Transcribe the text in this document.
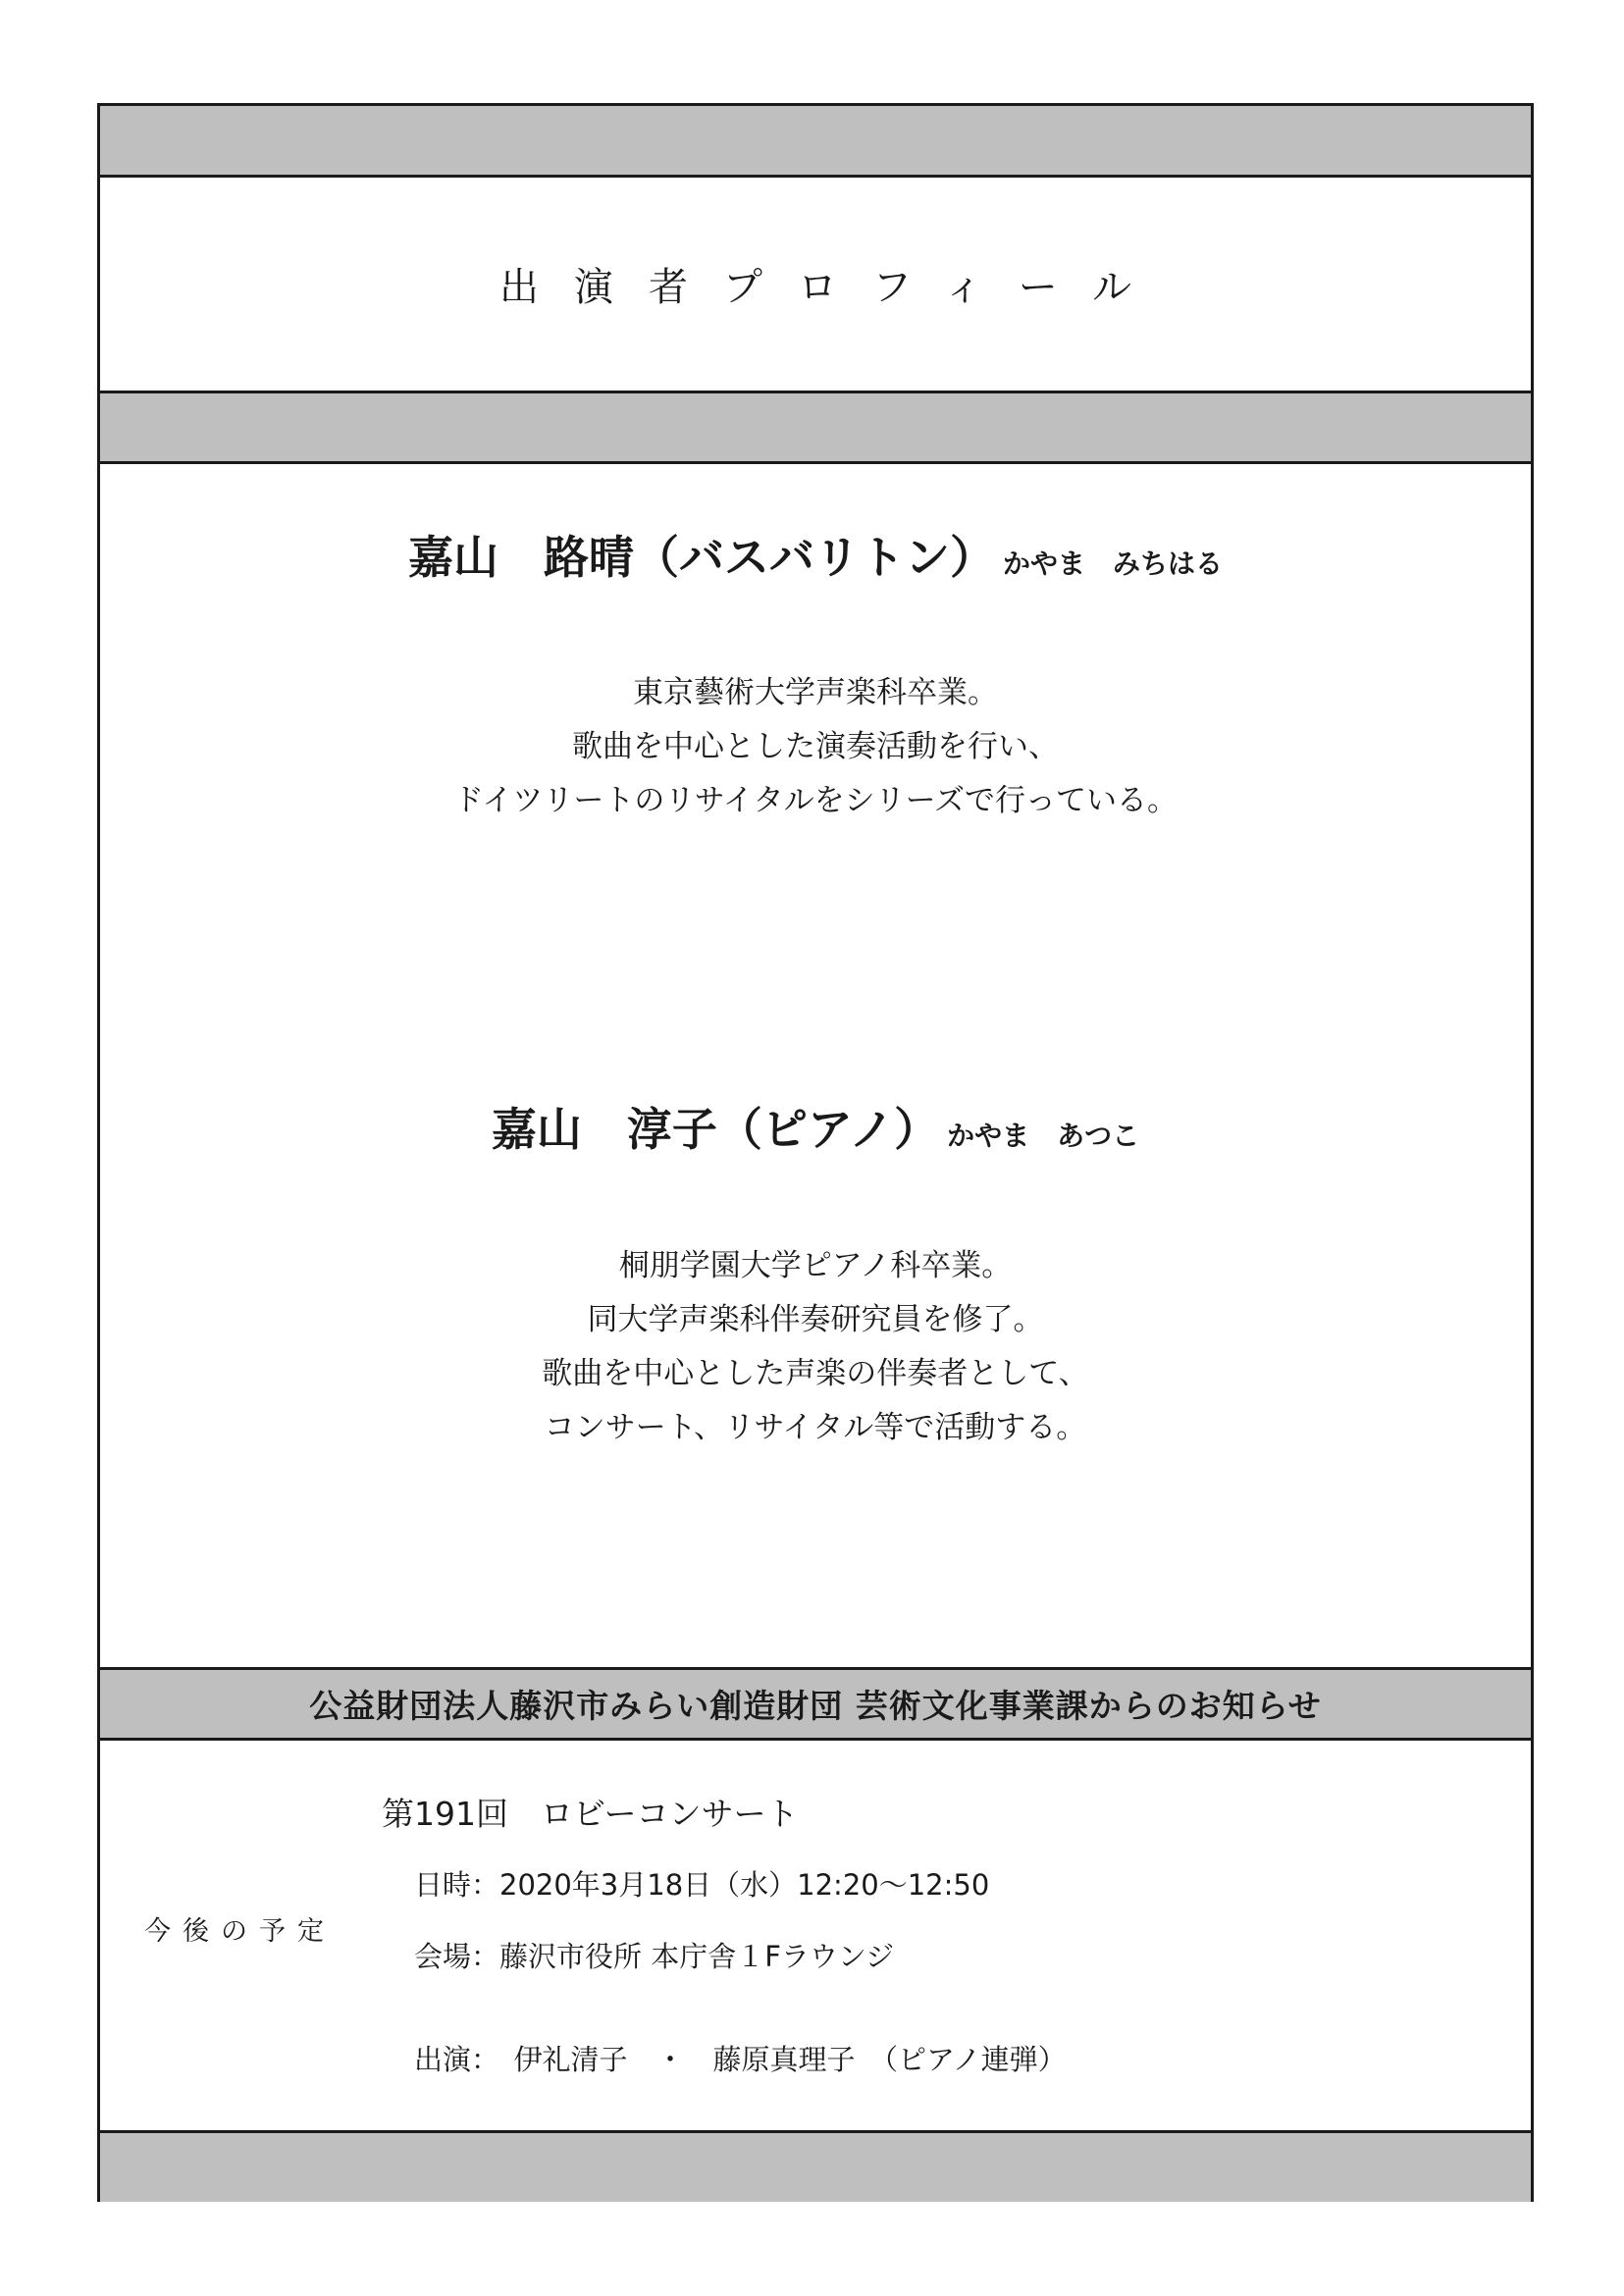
出演者プロフィール
嘉山　路晴（バスバリトン） かやま　みちはる
東京藝術大学声楽科卒業。
歌曲を中心とした演奏活動を行い、
ドイツリートのリサイタルをシリーズで行っている。
嘉山　淳子（ピアノ） かやま　あつこ
桐朋学園大学ピアノ科卒業。
同大学声楽科伴奏研究員を修了。
歌曲を中心とした声楽の伴奏者として、
コンサート、リサイタル等で活動する。
公益財団法人藤沢市みらい創造財団 芸術文化事業課からのお知らせ
第191回　ロビーコンサート
今後の予定
日時：2020年3月18日（水）12:20〜12:50
会場：藤沢市役所 本庁舎１Fラウンジ
出演：　伊礼清子　・　藤原真理子　（ピアノ連弾）
